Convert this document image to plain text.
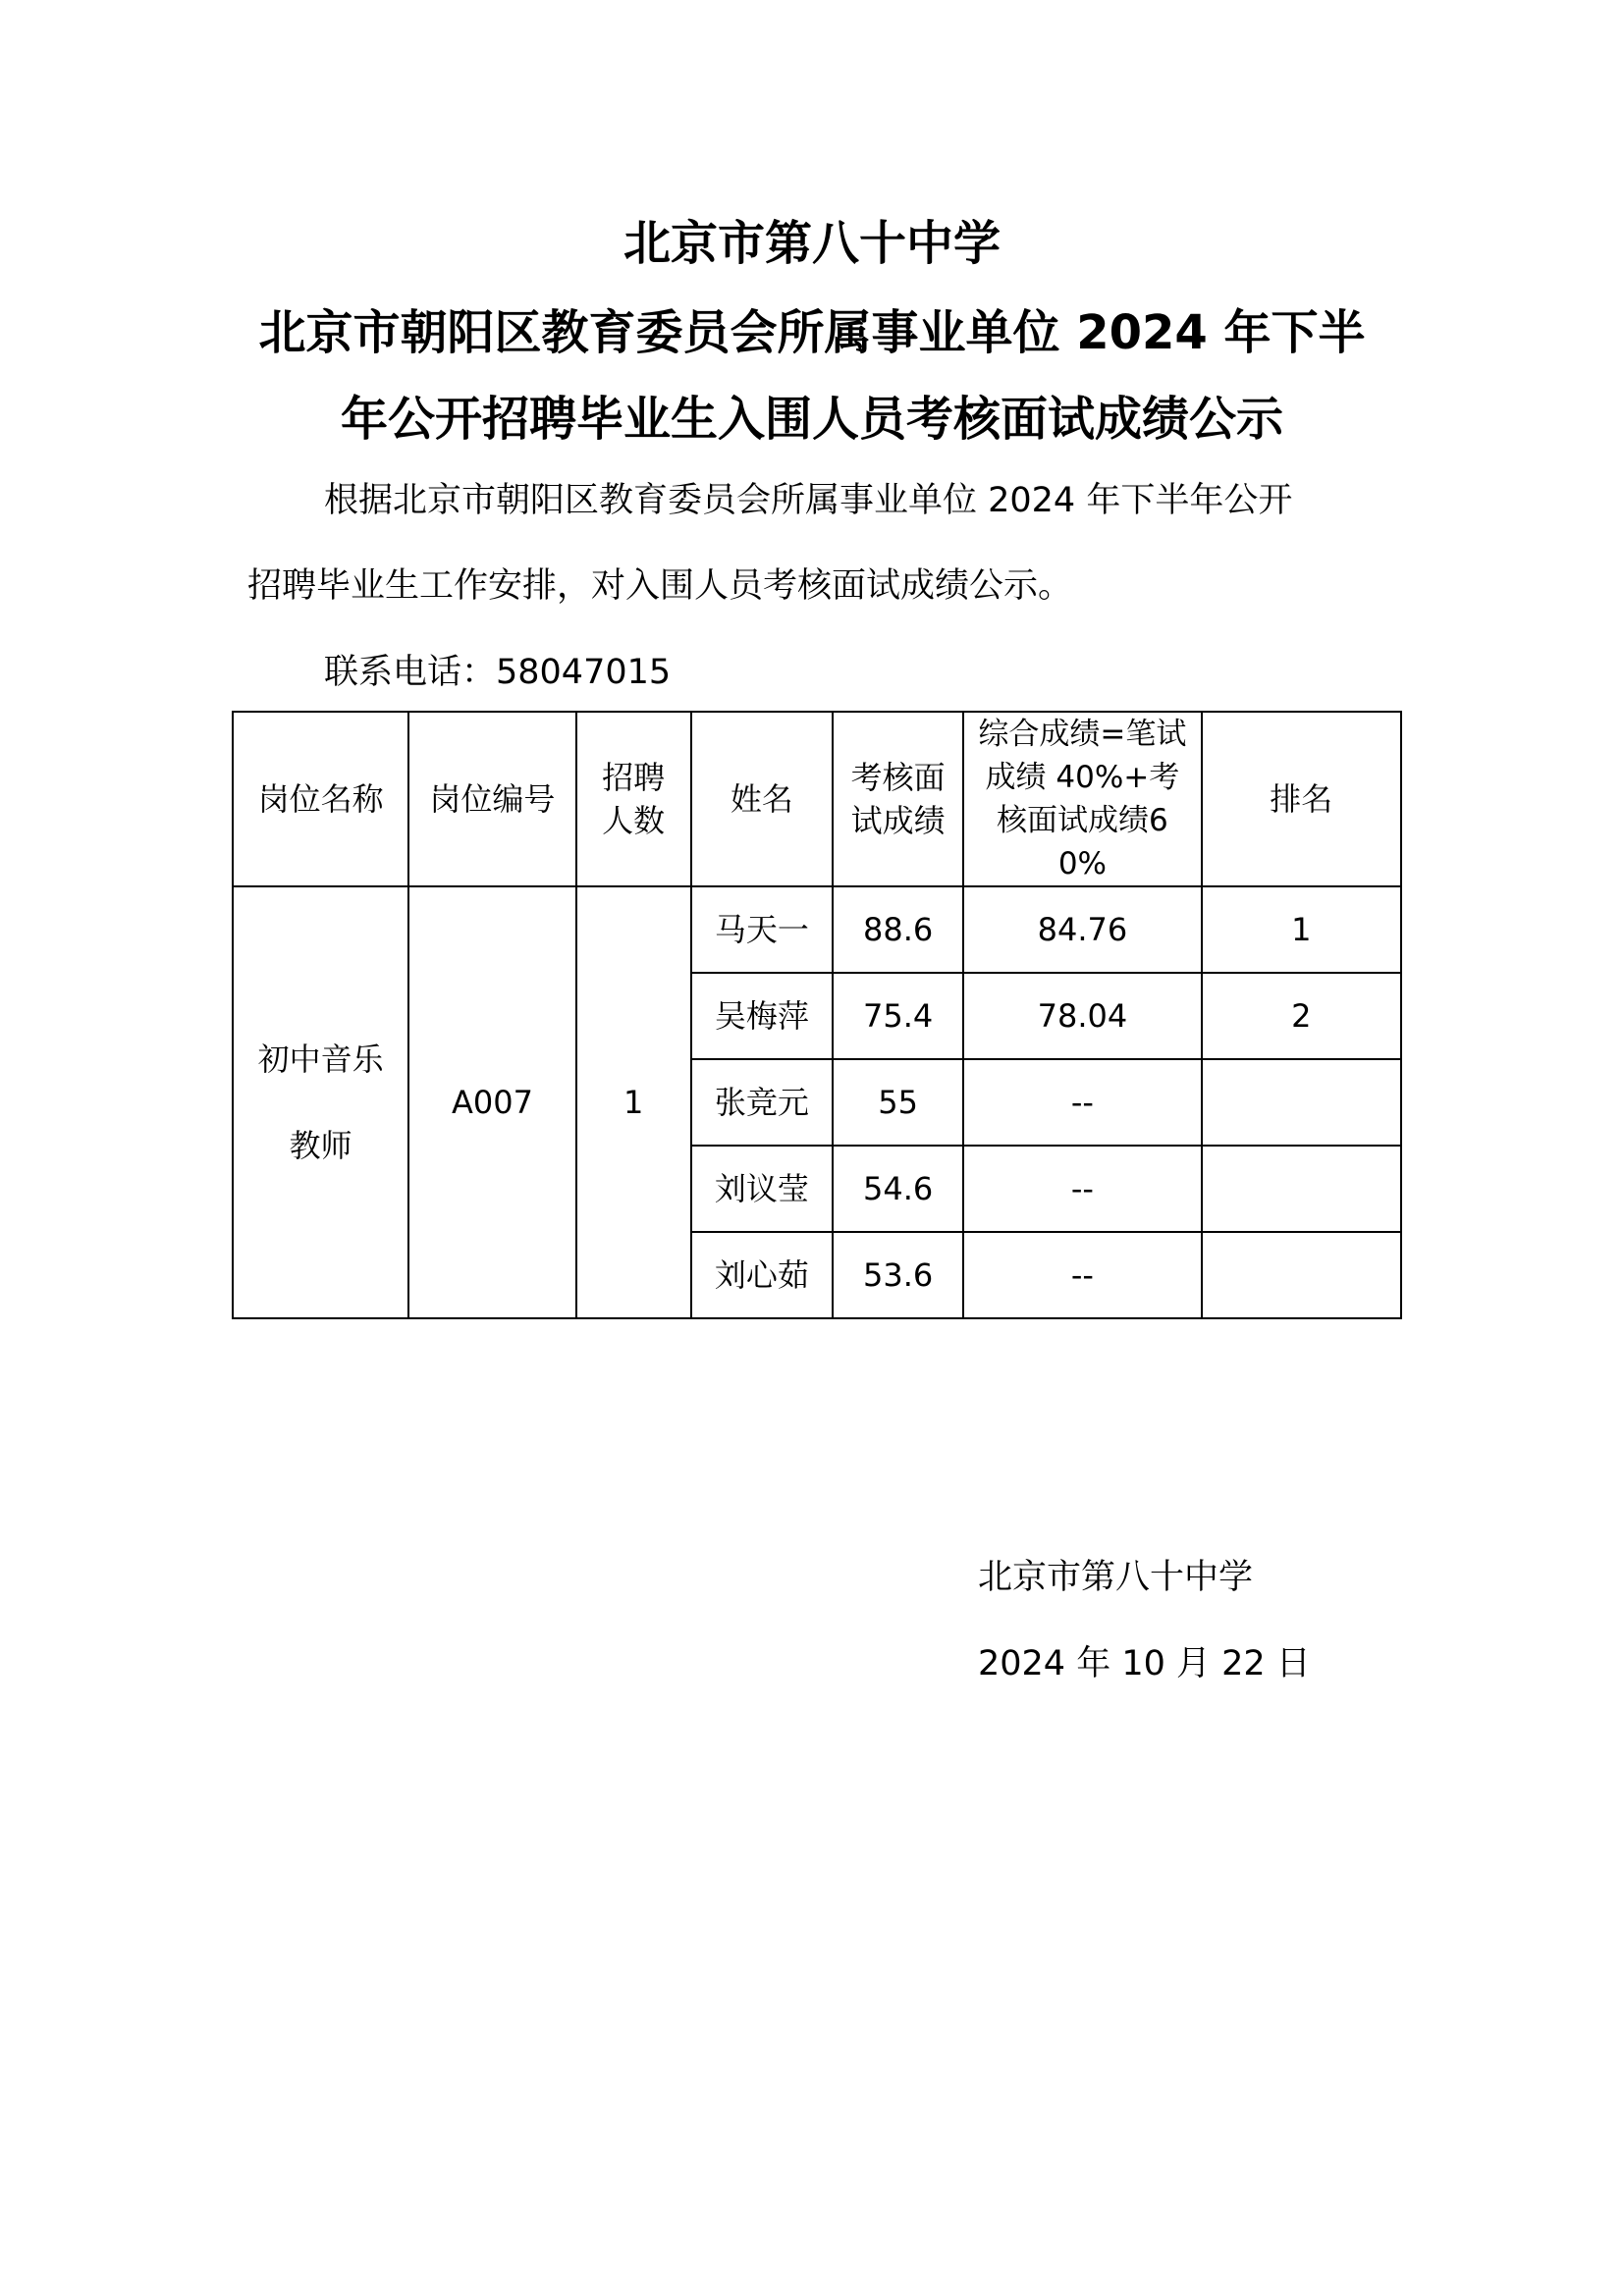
北京市第八十中学
北京市朝阳区教育委员会所属事业单位 2024 年下半
年公开招聘毕业生入围人员考核面试成绩公示
根据北京市朝阳区教育委员会所属事业单位 2024 年下半年公开
招聘毕业生工作安排，对入围人员考核面试成绩公示。
联系电话：58047015
岗位名称	岗位编号	招聘人数	姓名	考核面试成绩	综合成绩=笔试成绩 40%+考核面试成绩60%	排名
初中音乐教师	A007	1	马天一	88.6	84.76	1
			吴梅萍	75.4	78.04	2
			张竞元	55	--	
			刘议莹	54.6	--	
			刘心茹	53.6	--	
北京市第八十中学
2024 年 10 月 22 日
